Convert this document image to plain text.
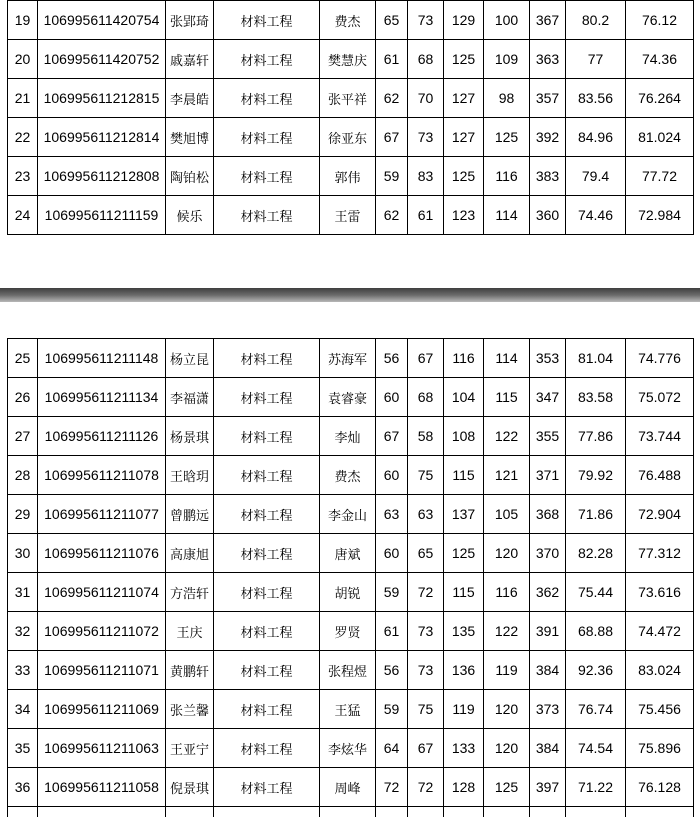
19	106995611420754	张郢琦	材料工程	费杰	65	73	129	100	367	80.2	76.12
20	106995611420752	戚嘉轩	材料工程	樊慧庆	61	68	125	109	363	77	74.36
21	106995611212815	李晨皓	材料工程	张平祥	62	70	127	98	357	83.56	76.264
22	106995611212814	樊旭博	材料工程	徐亚东	67	73	127	125	392	84.96	81.024
23	106995611212808	陶铂松	材料工程	郭伟	59	83	125	116	383	79.4	77.72
24	106995611211159	候乐	材料工程	王雷	62	61	123	114	360	74.46	72.984
25	106995611211148	杨立昆	材料工程	苏海军	56	67	116	114	353	81.04	74.776
26	106995611211134	李福潇	材料工程	袁睿豪	60	68	104	115	347	83.58	75.072
27	106995611211126	杨景琪	材料工程	李灿	67	58	108	122	355	77.86	73.744
28	106995611211078	王晗玥	材料工程	费杰	60	75	115	121	371	79.92	76.488
29	106995611211077	曾鹏远	材料工程	李金山	63	63	137	105	368	71.86	72.904
30	106995611211076	高康旭	材料工程	唐斌	60	65	125	120	370	82.28	77.312
31	106995611211074	方浩轩	材料工程	胡锐	59	72	115	116	362	75.44	73.616
32	106995611211072	王庆	材料工程	罗贤	61	73	135	122	391	68.88	74.472
33	106995611211071	黄鹏轩	材料工程	张程煜	56	73	136	119	384	92.36	83.024
34	106995611211069	张兰馨	材料工程	王猛	59	75	119	120	373	76.74	75.456
35	106995611211063	王亚宁	材料工程	李炫华	64	67	133	120	384	74.54	75.896
36	106995611211058	倪景琪	材料工程	周峰	72	72	128	125	397	71.22	76.128
